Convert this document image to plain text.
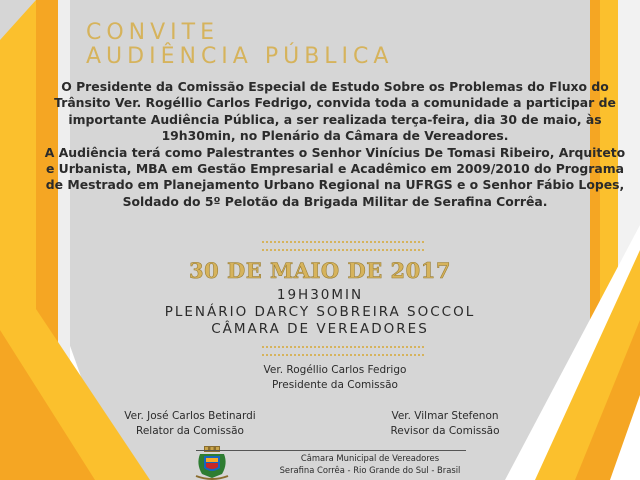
CONVITE
AUDIÊNCIA PÚBLICA

O Presidente da Comissão Especial de Estudo Sobre os Problemas do Fluxo do Trânsito Ver. Rogéllio Carlos Fedrigo, convida toda a comunidade a participar de importante Audiência Pública, a ser realizada terça-feira, dia 30 de maio, às 19h30min, no Plenário da Câmara de Vereadores.

A Audiência terá como Palestrantes o Senhor Vinícius De Tomasi Ribeiro, Arquiteto e Urbanista, MBA em Gestão Empresarial e Acadêmico em 2009/2010 do Programa de Mestrado em Planejamento Urbano Regional na UFRGS e o Senhor Fábio Lopes, Soldado do 5º Pelotão da Brigada Militar de Serafina Corrêa.

30 DE MAIO DE 2017
19H30MIN
PLENÁRIO DARCY SOBREIRA SOCCOL
CÂMARA DE VEREADORES
Ver. Rogéllio Carlos Fedrigo
Presidente da Comissão
Ver. José Carlos Betinardi
Relator da Comissão
Ver. Vilmar Stefenon
Revisor da Comissão
Câmara Municipal de Vereadores
Serafina Corrêa - Rio Grande do Sul - Brasil
